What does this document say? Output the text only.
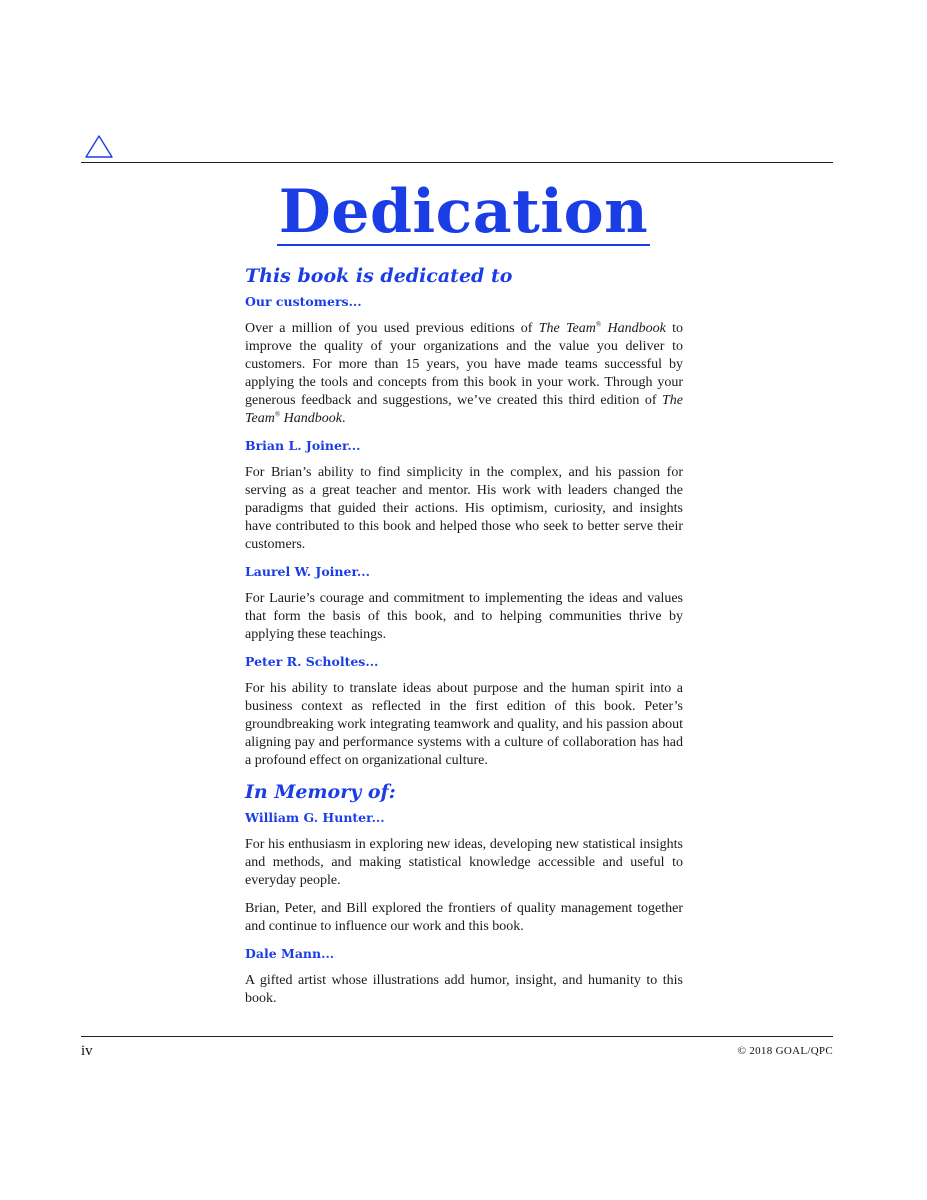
Dedication
This book is dedicated to
Our customers...

Over a million of you used previous editions of The Team® Handbook to improve the quality of your organizations and the value you deliver to customers. For more than 15 years, you have made teams successful by applying the tools and concepts from this book in your work. Through your generous feedback and suggestions, we’ve created this third edition of The Team® Handbook.

Brian L. Joiner...

For Brian’s ability to find simplicity in the complex, and his passion for serving as a great teacher and mentor. His work with leaders changed the paradigms that guided their actions. His optimism, curiosity, and insights have contributed to this book and helped those who seek to better serve their customers.

Laurel W. Joiner...

For Laurie’s courage and commitment to implementing the ideas and values that form the basis of this book, and to helping communities thrive by applying these teachings.

Peter R. Scholtes...

For his ability to translate ideas about purpose and the human spirit into a business context as reflected in the first edition of this book. Peter’s groundbreaking work integrating teamwork and quality, and his passion about aligning pay and performance systems with a culture of collaboration has had a profound effect on organizational culture.

In Memory of:
William G. Hunter...

For his enthusiasm in exploring new ideas, developing new statistical insights and methods, and making statistical knowledge accessible and useful to everyday people.

Brian, Peter, and Bill explored the frontiers of quality management together and continue to influence our work and this book.

Dale Mann...

A gifted artist whose illustrations add humor, insight, and humanity to this book.

iv	© 2018 GOAL/QPC
